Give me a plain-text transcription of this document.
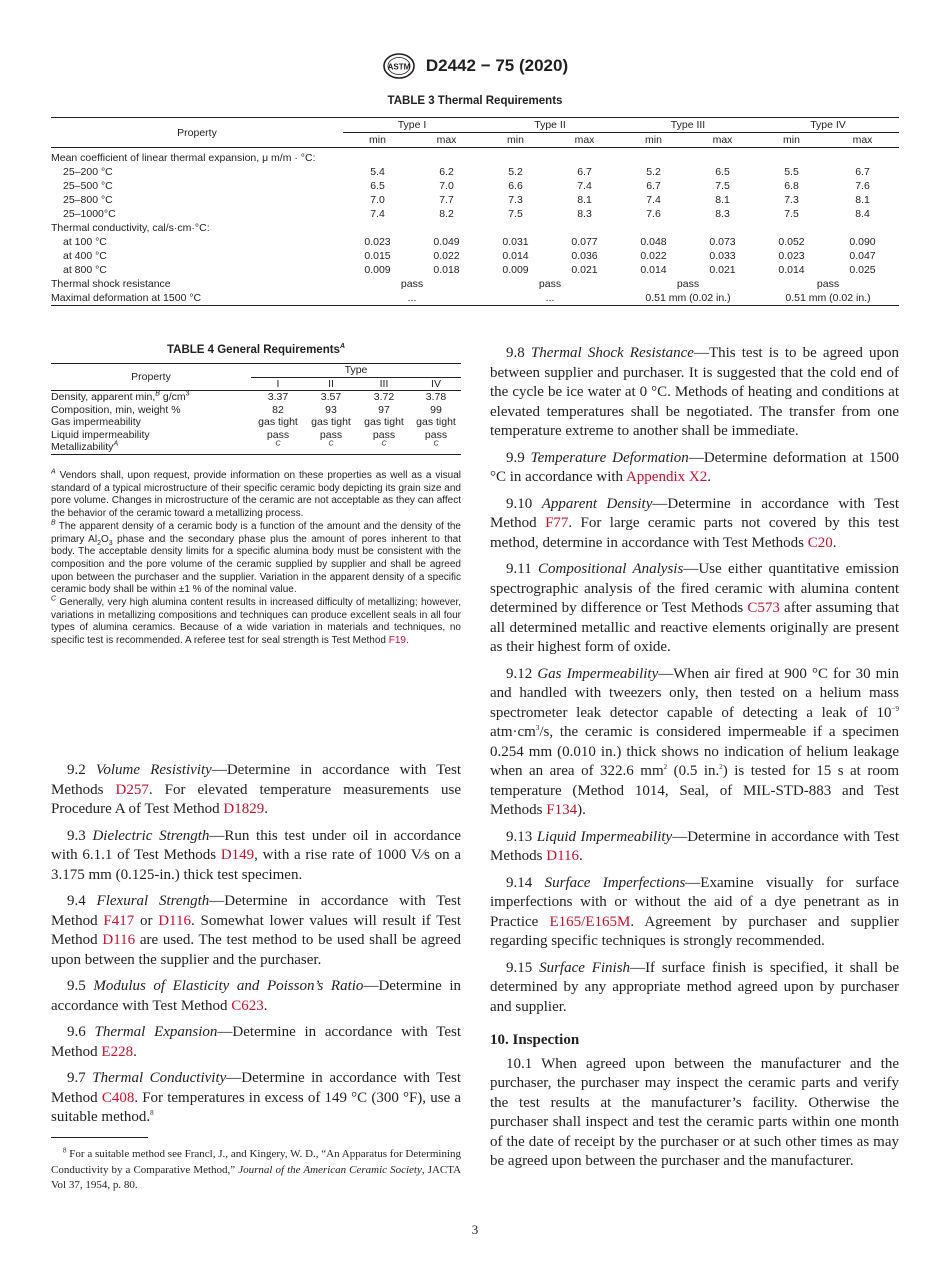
ASTM D2442 − 75 (2020)
TABLE 3 Thermal Requirements
Property	Type I		Type II		Type III		Type IV	
	min	max	min	max	min	max	min	max
Mean coefficient of linear thermal expansion, μ m/m · °C:								
25–200 °C	5.4	6.2	5.2	6.7	5.2	6.5	5.5	6.7
25–500 °C	6.5	7.0	6.6	7.4	6.7	7.5	6.8	7.6
25–800 °C	7.0	7.7	7.3	8.1	7.4	8.1	7.3	8.1
25–1000°C	7.4	8.2	7.5	8.3	7.6	8.3	7.5	8.4
Thermal conductivity, cal/s·cm·°C:								
at 100 °C	0.023	0.049	0.031	0.077	0.048	0.073	0.052	0.090
at 400 °C	0.015	0.022	0.014	0.036	0.022	0.033	0.023	0.047
at 800 °C	0.009	0.018	0.009	0.021	0.014	0.021	0.014	0.025
Thermal shock resistance	pass		pass		pass		pass	
Maximal deformation at 1500 °C	...		...		0.51 mm (0.02 in.)		0.51 mm (0.02 in.)	
TABLE 4 General Requirements$^A$
Property	Type			
	I	II	III	IV
Density, apparent min,$^B$ $g/cm^3$	3.37	3.57	3.72	3.78
Composition, min, weight %	82	93	97	99
Gas impermeability	gas tight	gas tight	gas tight	gas tight
Liquid impermeability	pass	pass	pass	pass
Metallizability$^A$	$^C$	$^C$	$^C$	$^C$

$^A$ Vendors shall, upon request, provide information on these properties as well as a visual standard of a typical microstructure of their specific ceramic body depicting its grain size and pore volume. Changes in microstructure of the ceramic are not acceptable as they can affect the behavior of the ceramic toward a metallizing process.

$^B$ The apparent density of a ceramic body is a function of the amount and the density of the primary $Al_2O_3$ phase and the secondary phase plus the amount of pores inherent to that body. The acceptable density limits for a specific alumina body must be consistent with the composition and the pore volume of the ceramic supplied by supplier and shall be agreed upon between the purchaser and the supplier. Variation in the apparent density of a specific ceramic body shall be within ±1 % of the nominal value.

$^C$ Generally, very high alumina content results in increased difficulty of metallizing; however, variations in metallizing compositions and techniques can produce excellent seals in all four types of alumina ceramics. Because of a wide variation in materials and techniques, no specific test is recommended. A referee test for seal strength is Test Method F19.

9.2 Volume Resistivity—Determine in accordance with Test Methods D257. For elevated temperature measurements use Procedure A of Test Method D1829.

9.3 Dielectric Strength—Run this test under oil in accordance with 6.1.1 of Test Methods D149, with a rise rate of 1000 V⁄s on a 3.175 mm (0.125-in.) thick test specimen.

9.4 Flexural Strength—Determine in accordance with Test Method F417 or D116. Somewhat lower values will result if Test Method D116 are used. The test method to be used shall be agreed upon between the supplier and the purchaser.

9.5 Modulus of Elasticity and Poisson’s Ratio—Determine in accordance with Test Method C623.

9.6 Thermal Expansion—Determine in accordance with Test Method E228.

9.7 Thermal Conductivity—Determine in accordance with Test Method C408. For temperatures in excess of 149 °C (300 °F), use a suitable method.$^8$

$^8$ For a suitable method see Francl, J., and Kingery, W. D., “An Apparatus for Determining Conductivity by a Comparative Method,” Journal of the American Ceramic Society, JACTA Vol 37, 1954, p. 80.

9.8 Thermal Shock Resistance—This test is to be agreed upon between supplier and purchaser. It is suggested that the cold end of the cycle be ice water at 0 °C. Methods of heating and conditions at elevated temperatures shall be negotiated. The transfer from one temperature extreme to another shall be immediate.

9.9 Temperature Deformation—Determine deformation at 1500 °C in accordance with Appendix X2.

9.10 Apparent Density—Determine in accordance with Test Method F77. For large ceramic parts not covered by this test method, determine in accordance with Test Methods C20.

9.11 Compositional Analysis—Use either quantitative emission spectrographic analysis of the fired ceramic with alumina content determined by difference or Test Methods C573 after assuming that all determined metallic and reactive elements originally are present as their highest form of oxide.

9.12 Gas Impermeability—When air fired at 900 °C for 30 min and handled with tweezers only, then tested on a helium mass spectrometer leak detector capable of detecting a leak of $10^{-9}$ $atm\cdot cm^3/s$, the ceramic is considered impermeable if a specimen 0.254 mm (0.010 in.) thick shows no indication of helium leakage when an area of 322.6 $mm^2$ (0.5 in.$^2$) is tested for 15 s at room temperature (Method 1014, Seal, of MIL-STD-883 and Test Methods F134).

9.13 Liquid Impermeability—Determine in accordance with Test Methods D116.

9.14 Surface Imperfections—Examine visually for surface imperfections with or without the aid of a dye penetrant as in Practice E165/E165M. Agreement by purchaser and supplier regarding specific techniques is strongly recommended.

9.15 Surface Finish—If surface finish is specified, it shall be determined by any appropriate method agreed upon by purchaser and supplier.

10. Inspection

10.1 When agreed upon between the manufacturer and the purchaser, the purchaser may inspect the ceramic parts and verify the test results at the manufacturer’s facility. Otherwise the purchaser shall inspect and test the ceramic parts within one month of the date of receipt by the purchaser or at such other times as may be agreed upon between the purchaser and the manufacturer.

3
